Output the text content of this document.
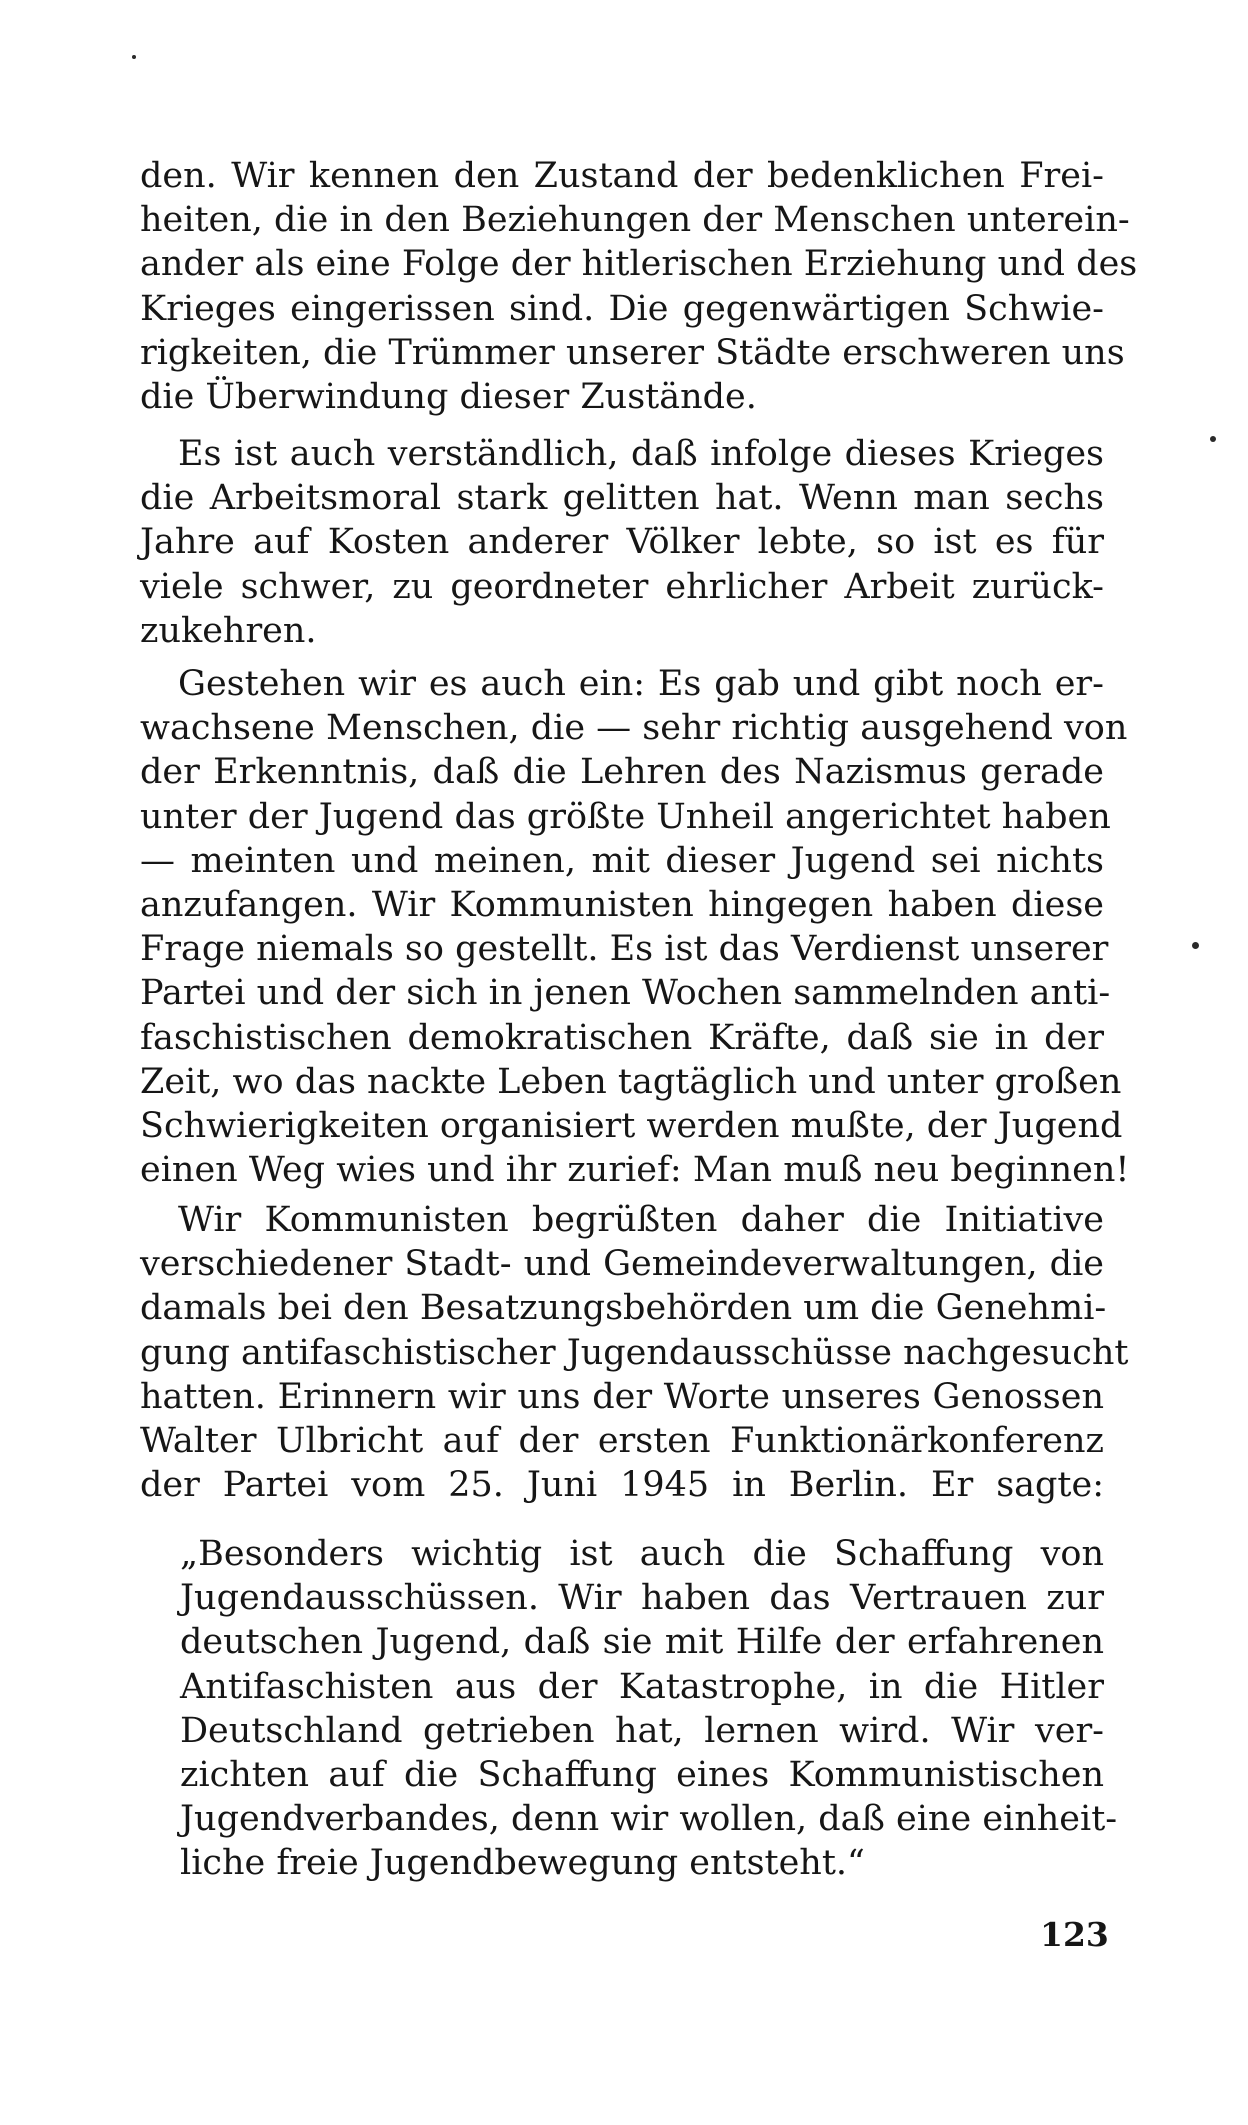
den. Wir kennen den Zustand der bedenklichen Frei-
heiten, die in den Beziehungen der Menschen unterein-
ander als eine Folge der hitlerischen Erziehung und des
Krieges eingerissen sind. Die gegenwärtigen Schwie-
rigkeiten, die Trümmer unserer Städte erschweren uns
die Überwindung dieser Zustände.
Es ist auch verständlich, daß infolge dieses Krieges
die Arbeitsmoral stark gelitten hat. Wenn man sechs
Jahre auf Kosten anderer Völker lebte, so ist es für
viele schwer, zu geordneter ehrlicher Arbeit zurück-
zukehren.
Gestehen wir es auch ein: Es gab und gibt noch er-
wachsene Menschen, die — sehr richtig ausgehend von
der Erkenntnis, daß die Lehren des Nazismus gerade
unter der Jugend das größte Unheil angerichtet haben
— meinten und meinen, mit dieser Jugend sei nichts
anzufangen. Wir Kommunisten hingegen haben diese
Frage niemals so gestellt. Es ist das Verdienst unserer
Partei und der sich in jenen Wochen sammelnden anti-
faschistischen demokratischen Kräfte, daß sie in der
Zeit, wo das nackte Leben tagtäglich und unter großen
Schwierigkeiten organisiert werden mußte, der Jugend
einen Weg wies und ihr zurief: Man muß neu beginnen!
Wir Kommunisten begrüßten daher die Initiative
verschiedener Stadt- und Gemeindeverwaltungen, die
damals bei den Besatzungsbehörden um die Genehmi-
gung antifaschistischer Jugendausschüsse nachgesucht
hatten. Erinnern wir uns der Worte unseres Genossen
Walter Ulbricht auf der ersten Funktionärkonferenz
der Partei vom 25. Juni 1945 in Berlin. Er sagte:
„Besonders wichtig ist auch die Schaffung von
Jugendausschüssen. Wir haben das Vertrauen zur
deutschen Jugend, daß sie mit Hilfe der erfahrenen
Antifaschisten aus der Katastrophe, in die Hitler
Deutschland getrieben hat, lernen wird. Wir ver-
zichten auf die Schaffung eines Kommunistischen
Jugendverbandes, denn wir wollen, daß eine einheit-
liche freie Jugendbewegung entsteht.“
123
